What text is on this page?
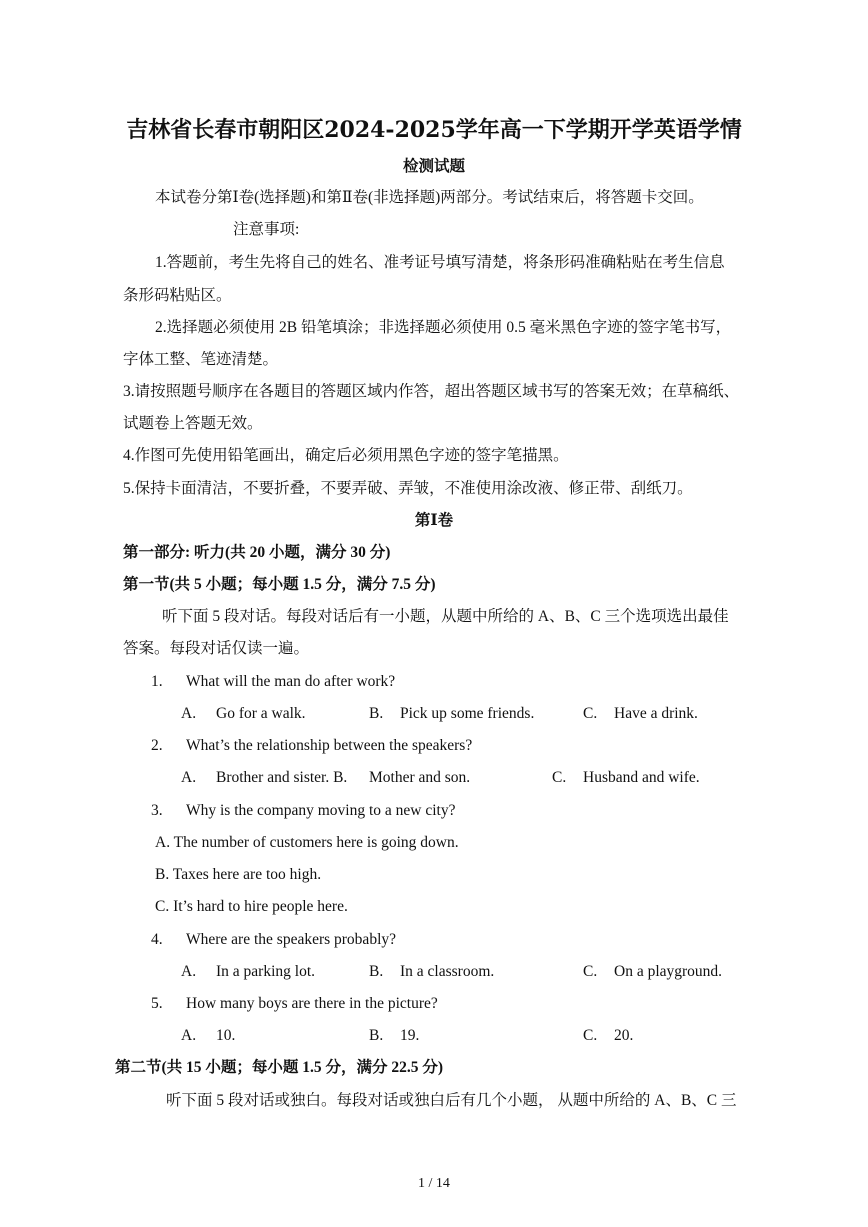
吉林省长春市朝阳区2024-2025学年高一下学期开学英语学情
检测试题
本试卷分第Ⅰ卷(选择题)和第Ⅱ卷(非选择题)两部分。考试结束后，将答题卡交回。
注意事项:
1.答题前，考生先将自己的姓名、准考证号填写清楚，将条形码准确粘贴在考生信息
条形码粘贴区。
2.选择题必须使用 2B 铅笔填涂；非选择题必须使用 0.5 毫米黑色字迹的签字笔书写，
字体工整、笔迹清楚。
3.请按照题号顺序在各题目的答题区域内作答，超出答题区域书写的答案无效；在草稿纸、
试题卷上答题无效。
4.作图可先使用铅笔画出，确定后必须用黑色字迹的签字笔描黑。
5.保持卡面清洁，不要折叠，不要弄破、弄皱，不准使用涂改液、修正带、刮纸刀。
第Ⅰ卷
第一部分: 听力(共 20 小题，满分 30 分)
第一节(共 5 小题；每小题 1.5 分，满分 7.5 分)
听下面 5 段对话。每段对话后有一小题，从题中所给的 A、B、C 三个选项选出最佳
答案。每段对话仅读一遍。
1. What will the man do after work?
A. Go for a walk.	B. Pick up some friends.	C. Have a drink.
2. What’s the relationship between the speakers?
A. Brother and sister. B. Mother and son.	C. Husband and wife.
3. Why is the company moving to a new city?
A. The number of customers here is going down.
B. Taxes here are too high.
C. It’s hard to hire people here.
4. Where are the speakers probably?
A. In a parking lot.	B. In a classroom.	C. On a playground.
5. How many boys are there in the picture?
A. 10.	B. 19.	C. 20.
第二节(共 15 小题；每小题 1.5 分，满分 22.5 分)
听下面 5 段对话或独白。每段对话或独白后有几个小题， 从题中所给的 A、B、C 三
1 / 14
